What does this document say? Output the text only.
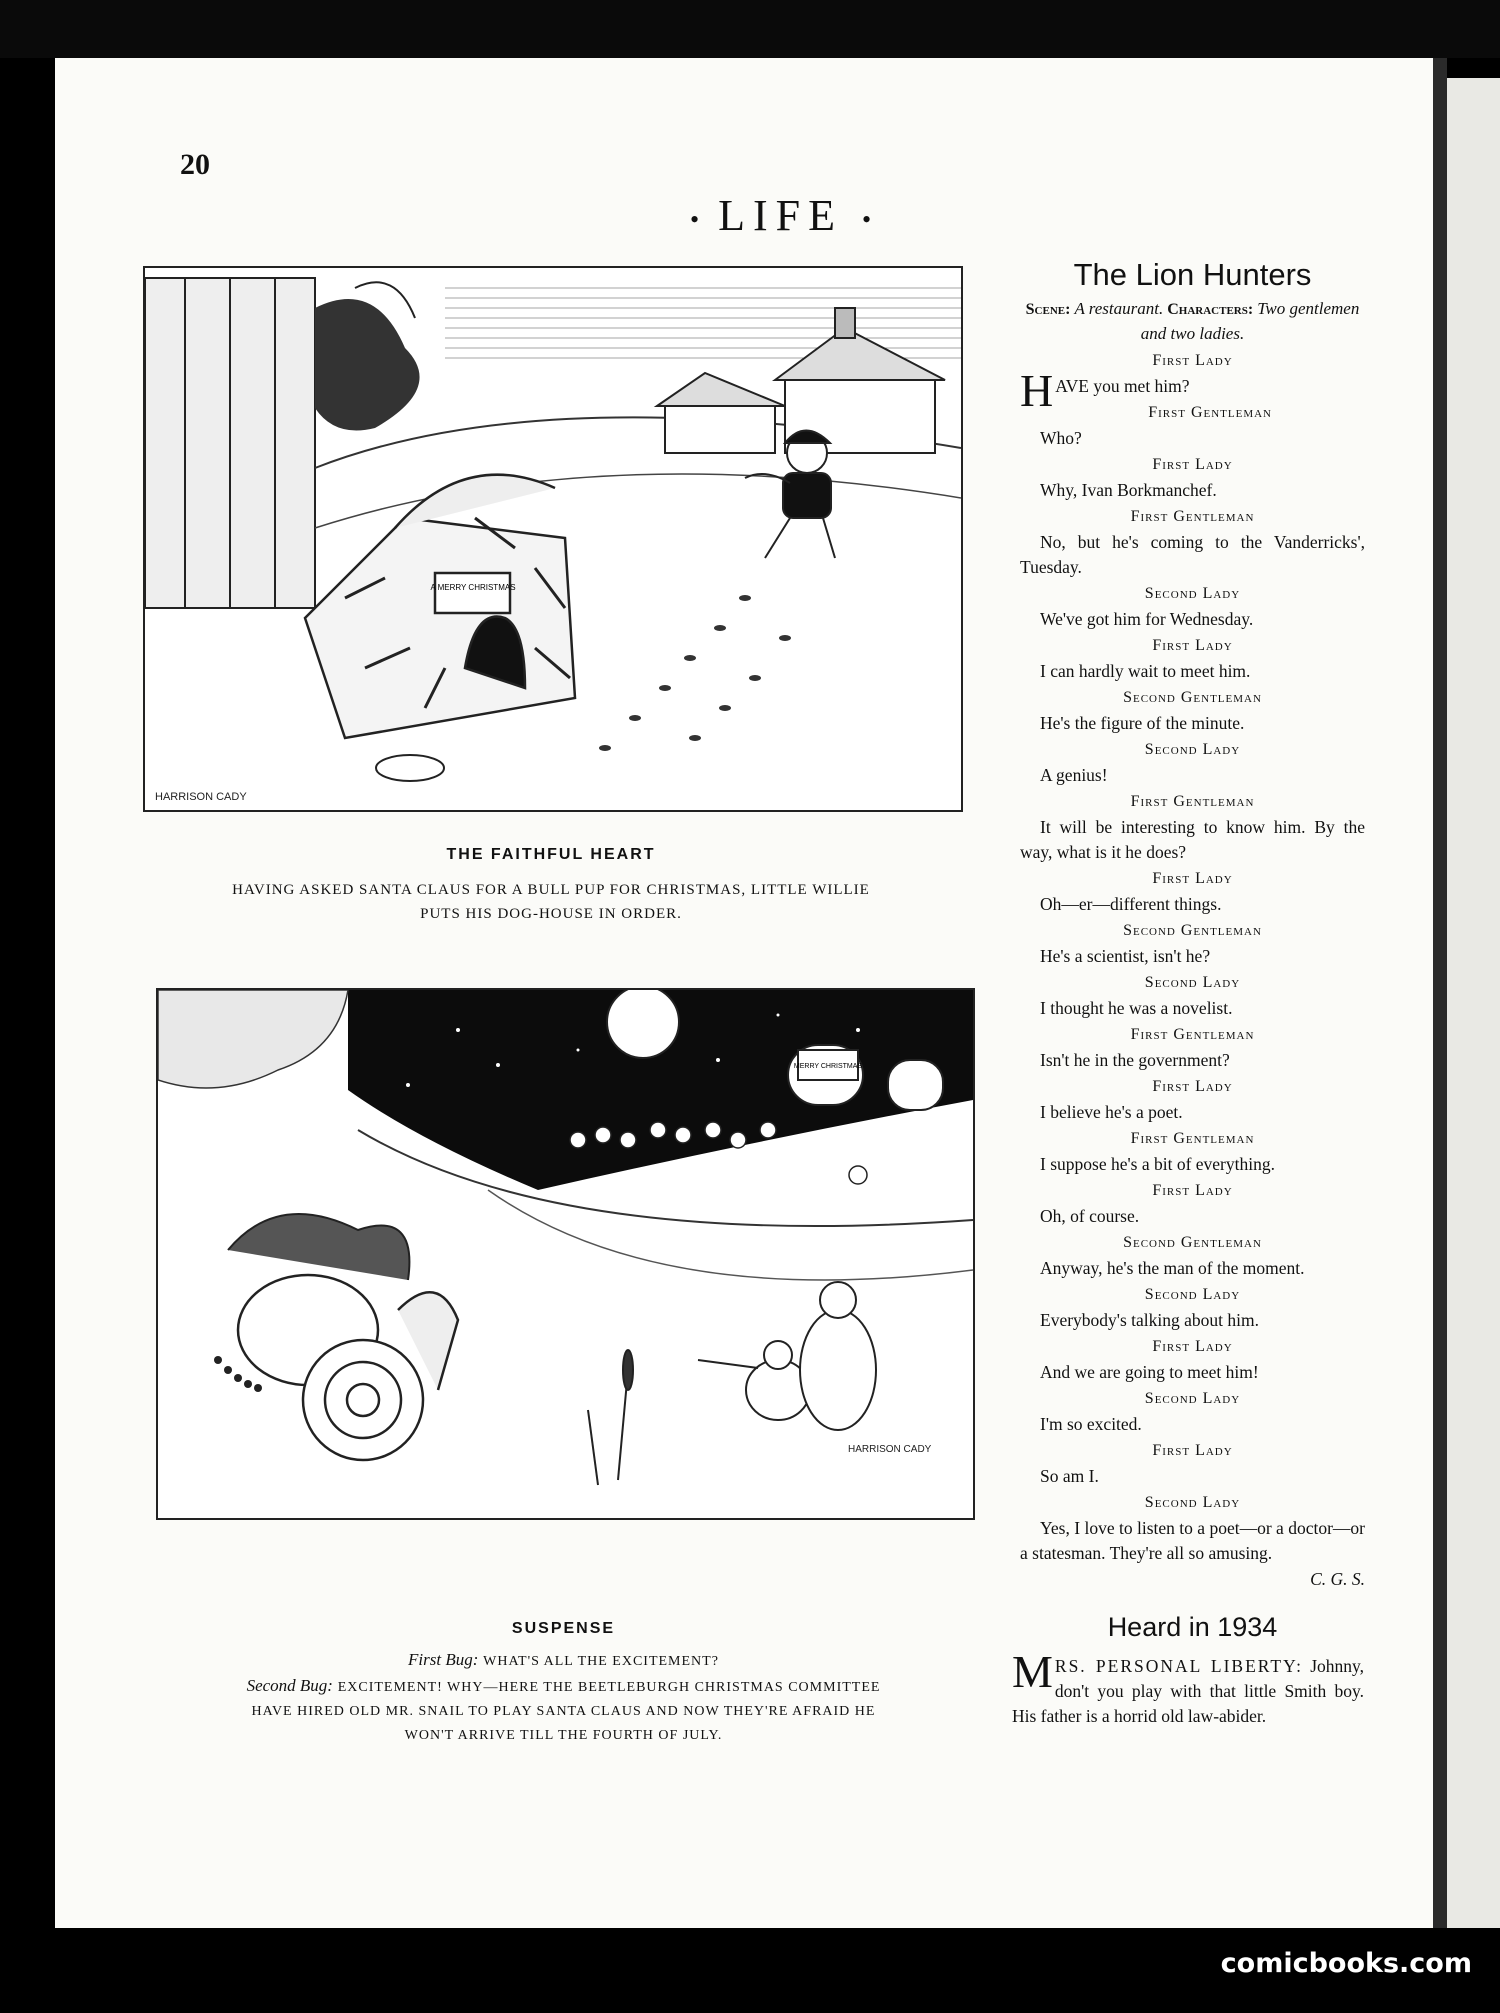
20
• LIFE •
A MERRY CHRISTMAS
HARRISON CADY
THE FAITHFUL HEART
HAVING ASKED SANTA CLAUS FOR A BULL PUP FOR CHRISTMAS, LITTLE WILLIE
PUTS HIS DOG-HOUSE IN ORDER.
MERRY CHRISTMAS
HARRISON CADY
SUSPENSE
First Bug: WHAT'S ALL THE EXCITEMENT?
Second Bug: EXCITEMENT! WHY—HERE THE BEETLEBURGH CHRISTMAS COMMITTEE
HAVE HIRED OLD MR. SNAIL TO PLAY SANTA CLAUS AND NOW THEY'RE AFRAID HE
WON'T ARRIVE TILL THE FOURTH OF JULY.
The Lion Hunters
Scene: A restaurant. Characters: Two gentlemen and two ladies.
First Lady
HAVE you met him?
First Gentleman
Who?
First Lady
Why, Ivan Borkmanchef.
First Gentleman
No, but he's coming to the Vanderricks', Tuesday.
Second Lady
We've got him for Wednesday.
First Lady
I can hardly wait to meet him.
Second Gentleman
He's the figure of the minute.
Second Lady
A genius!
First Gentleman
It will be interesting to know him. By the way, what is it he does?
First Lady
Oh—er—different things.
Second Gentleman
He's a scientist, isn't he?
Second Lady
I thought he was a novelist.
First Gentleman
Isn't he in the government?
First Lady
I believe he's a poet.
First Gentleman
I suppose he's a bit of everything.
First Lady
Oh, of course.
Second Gentleman
Anyway, he's the man of the moment.
Second Lady
Everybody's talking about him.
First Lady
And we are going to meet him!
Second Lady
I'm so excited.
First Lady
So am I.
Second Lady
Yes, I love to listen to a poet—or a doctor—or a statesman. They're all so amusing.
C. G. S.
Heard in 1934
M RS. PERSONAL LIBERTY: Johnny, don't you play with that little Smith boy. His father is a horrid old law-abider.
comicbooks.com
